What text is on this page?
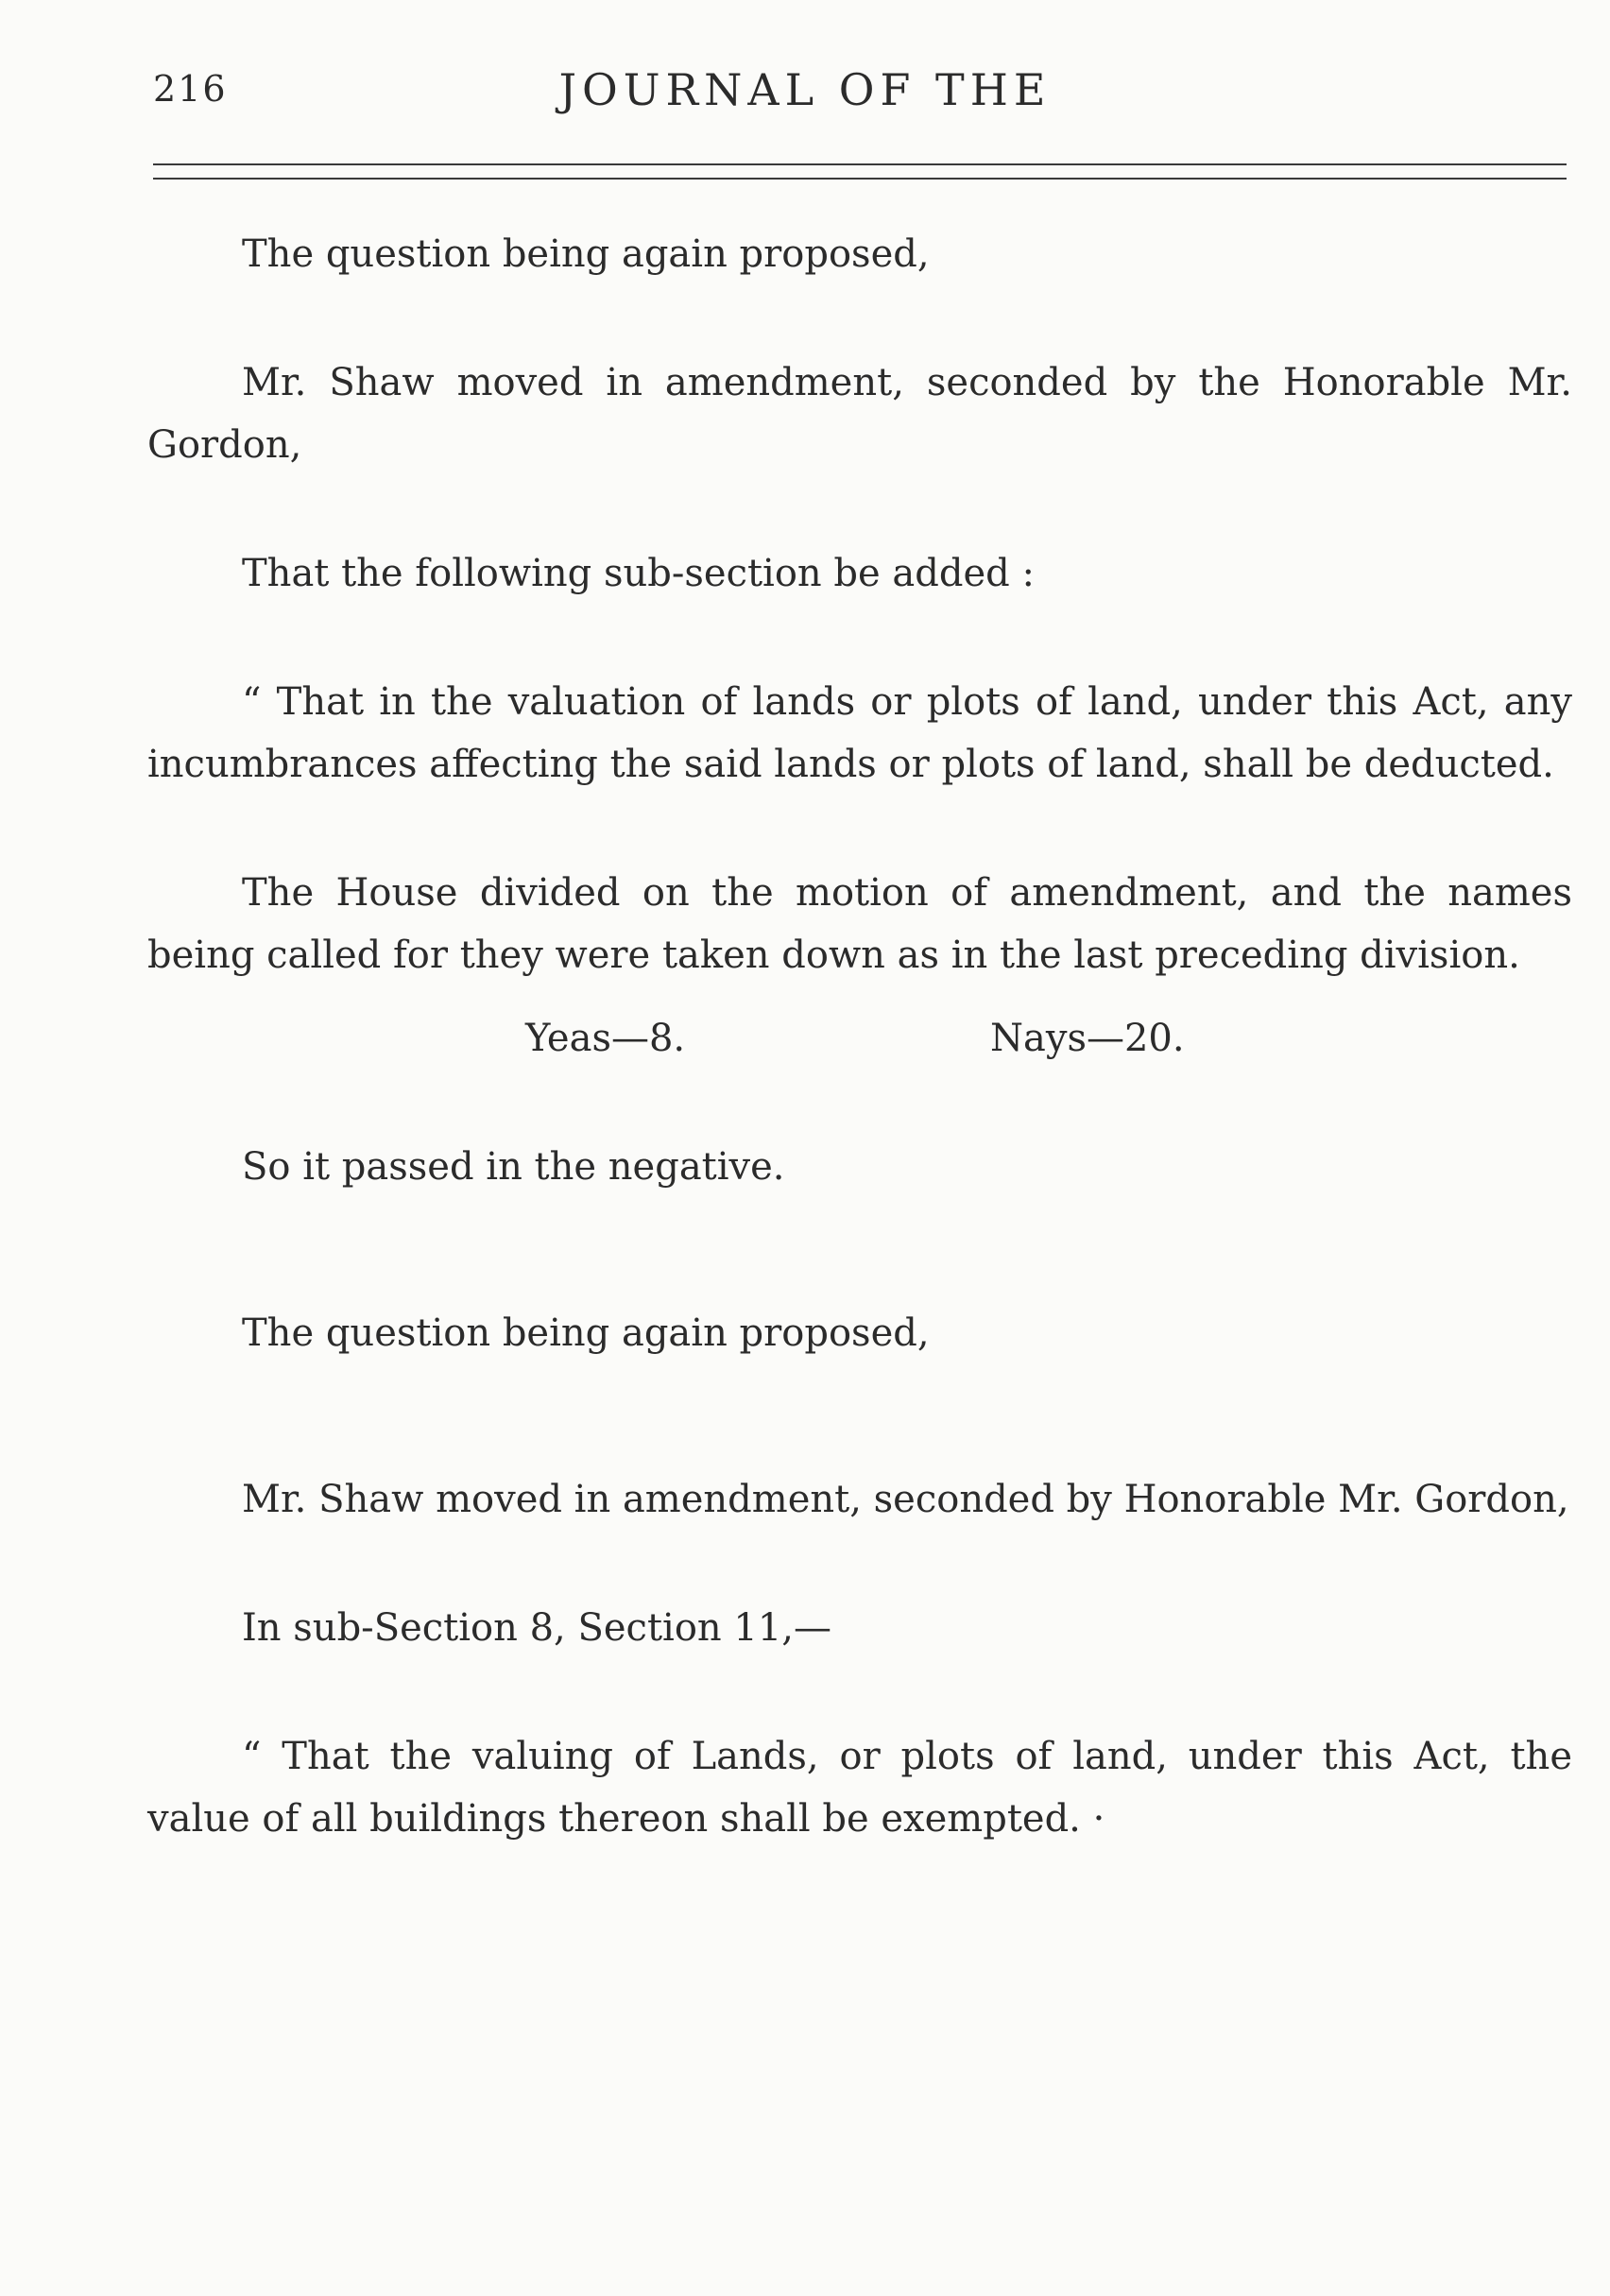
216	JOURNAL OF THE

The question being again proposed,

Mr. Shaw moved in amendment, seconded by the Honorable Mr. Gordon,

That the following sub-section be added :

“ That in the valuation of lands or plots of land, under this Act, any incumbrances affecting the said lands or plots of land, shall be deducted.

The House divided on the motion of amendment, and the names being called for they were taken down as in the last preceding division.

Yeas—8.	Nays—20.

So it passed in the negative.

The question being again proposed,

Mr. Shaw moved in amendment, seconded by Honorable Mr. Gordon,

In sub-Section 8, Section 11,—

“ That the valuing of Lands, or plots of land, under this Act, the value of all buildings thereon shall be exempted. ·
